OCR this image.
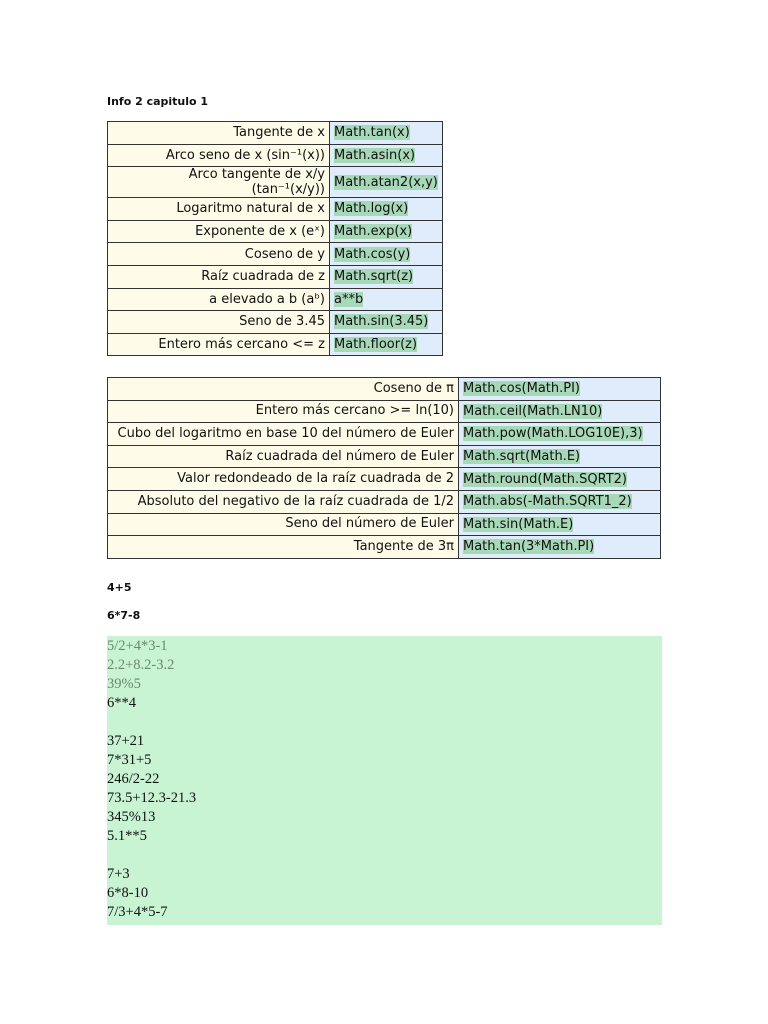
Info 2 capitulo 1
Tangente de x	Math.tan(x)
Arco seno de x (sin⁻¹(x))	Math.asin(x)
Arco tangente de x/y (tan⁻¹(x/y))	Math.atan2(x,y)
Logaritmo natural de x	Math.log(x)
Exponente de x (eˣ)	Math.exp(x)
Coseno de y	Math.cos(y)
Raíz cuadrada de z	Math.sqrt(z)
a elevado a b (aᵇ)	a**b
Seno de 3.45	Math.sin(3.45)
Entero más cercano <= z	Math.floor(z)
Coseno de π	Math.cos(Math.PI)
Entero más cercano >= ln(10)	Math.ceil(Math.LN10)
Cubo del logaritmo en base 10 del número de Euler	Math.pow(Math.LOG10E),3)
Raíz cuadrada del número de Euler	Math.sqrt(Math.E)
Valor redondeado de la raíz cuadrada de 2	Math.round(Math.SQRT2)
Absoluto del negativo de la raíz cuadrada de 1/2	Math.abs(-Math.SQRT1_2)
Seno del número de Euler	Math.sin(Math.E)
Tangente de 3π	Math.tan(3*Math.PI)
4+5
6*7-8
5/2+4*3-1
2.2+8.2-3.2
39%5
6**4
37+21
7*31+5
246/2-22
73.5+12.3-21.3
345%13
5.1**5
7+3
6*8-10
7/3+4*5-7
